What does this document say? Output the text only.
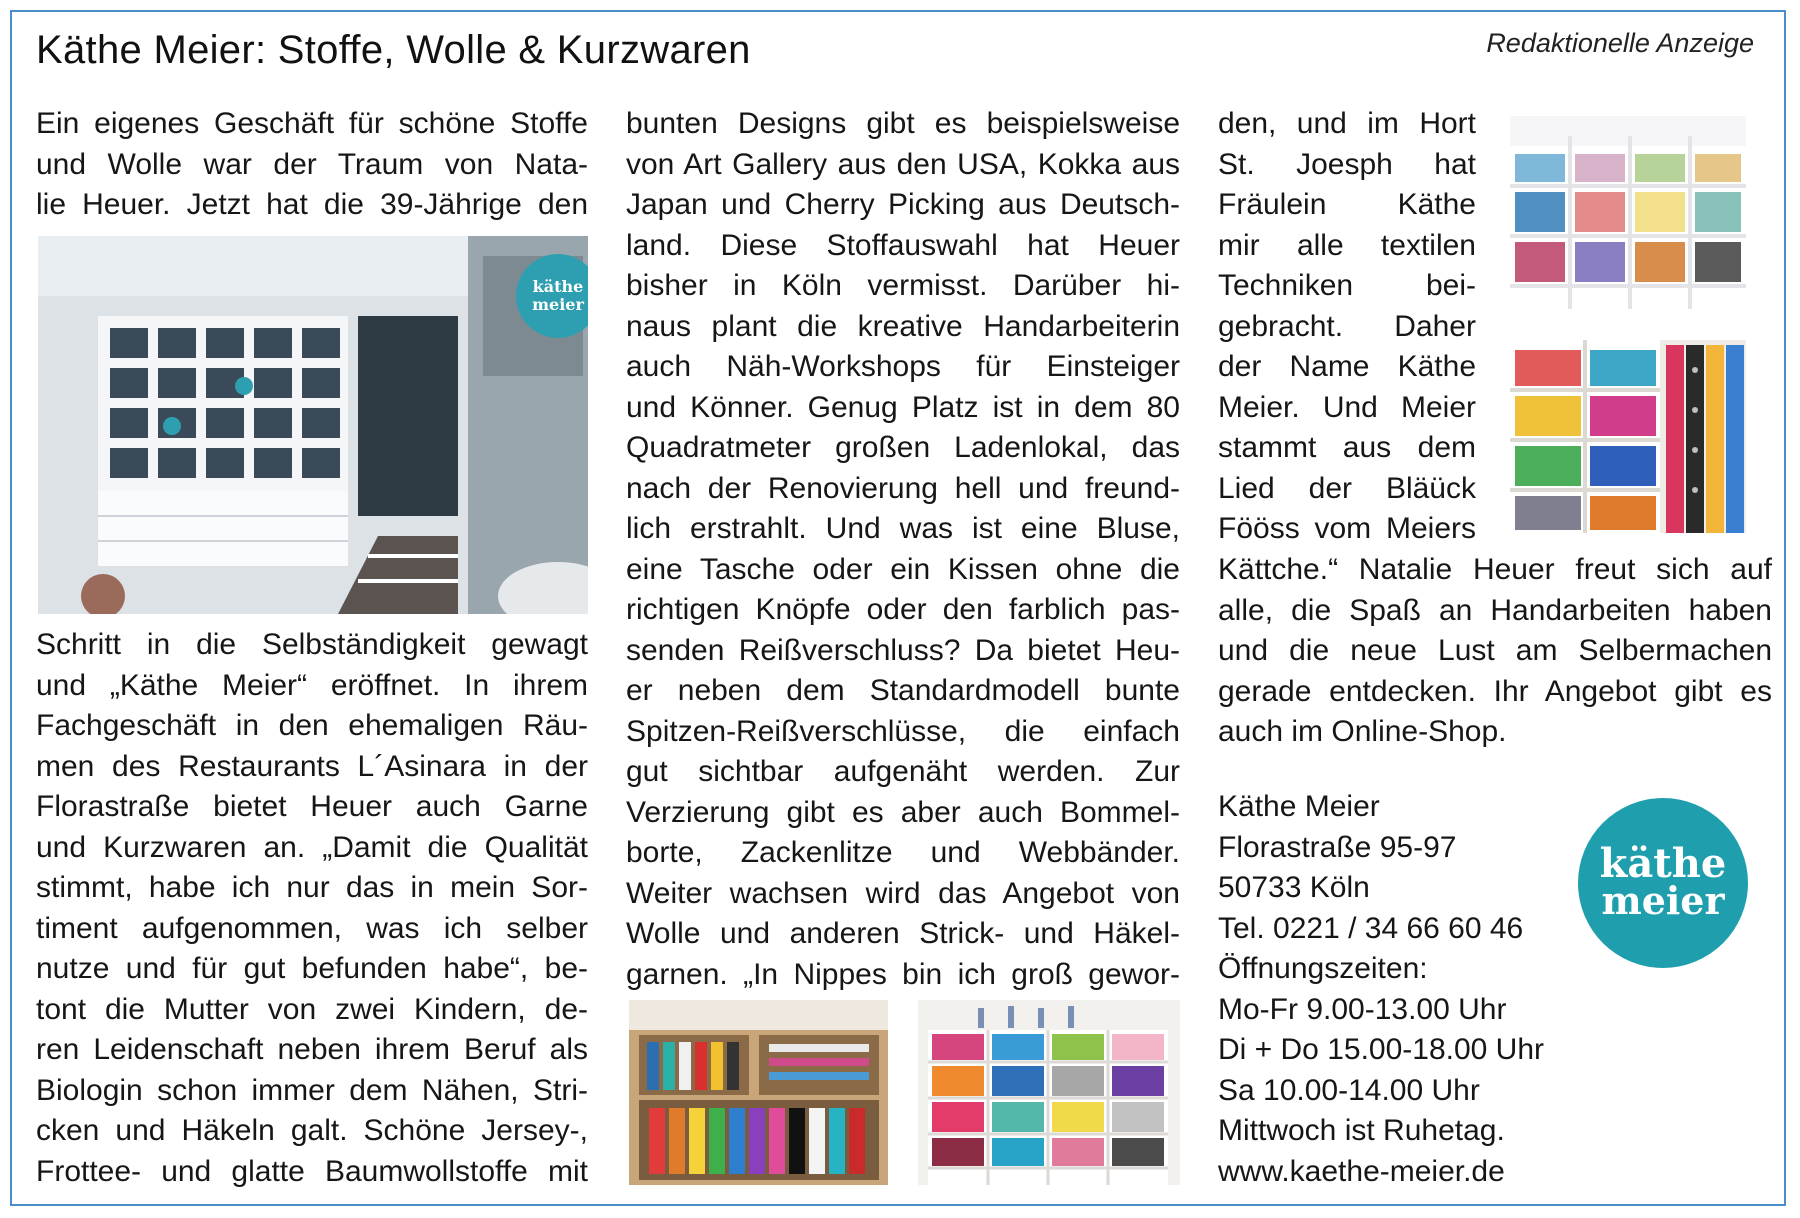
Käthe Meier: Stoffe, Wolle & Kurzwaren	Redaktionelle Anzeige
Ein eigenes Geschäft für schöne Stoffe
und Wolle war der Traum von Nata-
lie Heuer. Jetzt hat die 39-Jährige den
käthe
meier
Schritt in die Selbständigkeit gewagt
und „Käthe Meier“ eröffnet. In ihrem
Fachgeschäft in den ehemaligen Räu-
men des Restaurants L´Asinara in der
Florastraße bietet Heuer auch Garne
und Kurzwaren an. „Damit die Qualität
stimmt, habe ich nur das in mein Sor-
timent aufgenommen, was ich selber
nutze und für gut befunden habe“, be-
tont die Mutter von zwei Kindern, de-
ren Leidenschaft neben ihrem Beruf als
Biologin schon immer dem Nähen, Stri-
cken und Häkeln galt. Schöne Jersey-,
Frottee- und glatte Baumwollstoffe mit
bunten Designs gibt es beispielsweise
von Art Gallery aus den USA, Kokka aus
Japan und Cherry Picking aus Deutsch-
land. Diese Stoffauswahl hat Heuer
bisher in Köln vermisst. Darüber hi-
naus plant die kreative Handarbeiterin
auch Näh-Workshops für Einsteiger
und Könner. Genug Platz ist in dem 80
Quadratmeter großen Ladenlokal, das
nach der Renovierung hell und freund-
lich erstrahlt. Und was ist eine Bluse,
eine Tasche oder ein Kissen ohne die
richtigen Knöpfe oder den farblich pas-
senden Reißverschluss? Da bietet Heu-
er neben dem Standardmodell bunte
Spitzen-Reißverschlüsse, die einfach
gut sichtbar aufgenäht werden. Zur
Verzierung gibt es aber auch Bommel-
borte, Zackenlitze und Webbänder.
Weiter wachsen wird das Angebot von
Wolle und anderen Strick- und Häkel-
garnen. „In Nippes bin ich groß gewor-
den, und im Hort
St. Joesph hat
Fräulein Käthe
mir alle textilen
Techniken bei-
gebracht. Daher
der Name Käthe
Meier. Und Meier
stammt aus dem
Lied der Bläück
Fööss vom Meiers
Kättche.“ Natalie Heuer freut sich auf
alle, die Spaß an Handarbeiten haben
und die neue Lust am Selbermachen
gerade entdecken. Ihr Angebot gibt es
auch im Online-Shop.
Käthe Meier
Florastraße 95-97
50733 Köln
Tel. 0221 / 34 66 60 46
Öffnungszeiten:
Mo-Fr 9.00-13.00 Uhr
Di + Do 15.00-18.00 Uhr
Sa 10.00-14.00 Uhr
Mittwoch ist Ruhetag.
www.kaethe-meier.de
käthe
meier
